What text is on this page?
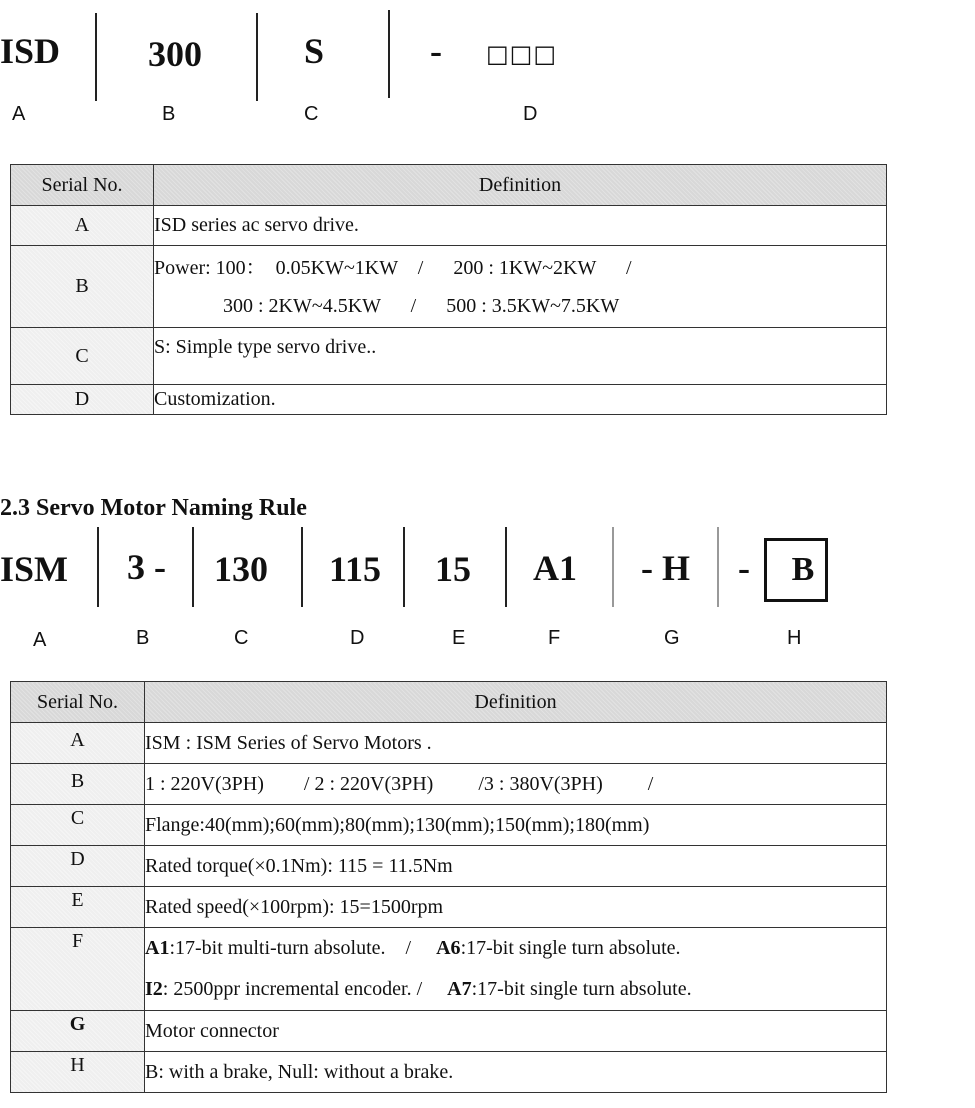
ISD 300	S	- □□□
A	B	C	D
Serial No.	Definition
A	ISD series ac servo drive.
B	Power: 100：  0.05KW~1KW    /      200 : 1KW~2KW      /
300 : 2KW~4.5KW      /      500 : 3.5KW~7.5KW

C	S: Simple type servo drive..
D	Customization.
2.3 Servo Motor Naming Rule
ISM 3 - 130 115 15 A1 - H - B
A	B	C	D	E	F	G	H
Serial No.	Definition
A	ISM : ISM Series of Servo Motors .
B	1 : 220V(3PH)        / 2 : 220V(3PH)         /3 : 380V(3PH)         /
C	Flange:40(mm);60(mm);80(mm);130(mm);150(mm);180(mm)
D	Rated torque(×0.1Nm): 115 = 11.5Nm
E	Rated speed(×100rpm): 15=1500rpm
F	A1:17-bit multi-turn absolute.    /     A6:17-bit single turn absolute.
I2: 2500ppr incremental encoder. / A7:17-bit single turn absolute.

G	Motor connector
H	B: with a brake, Null: without a brake.
